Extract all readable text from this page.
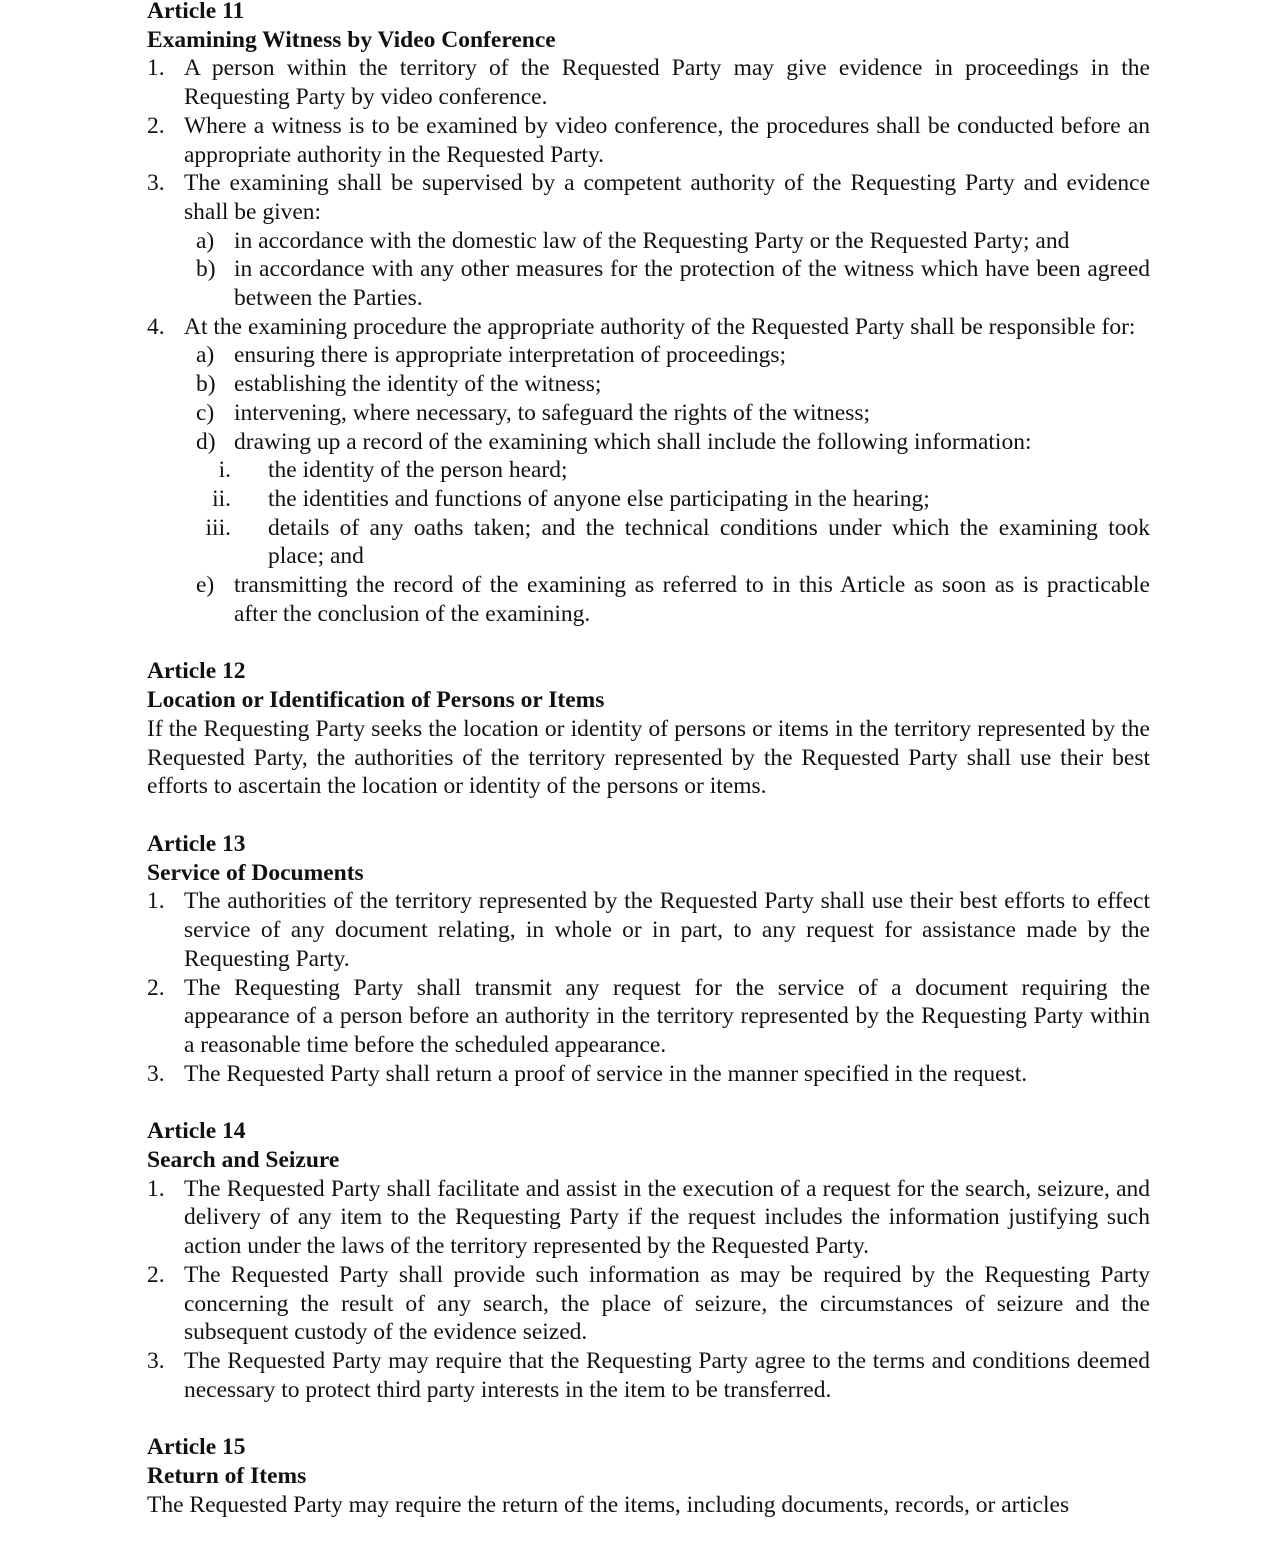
Article 11
Examining Witness by Video Conference
1. A person within the territory of the Requested Party may give evidence in proceedings in the Requesting Party by video conference.
2. Where a witness is to be examined by video conference, the procedures shall be conducted before an appropriate authority in the Requested Party.
3. The examining shall be supervised by a competent authority of the Requesting Party and evidence shall be given:
a) in accordance with the domestic law of the Requesting Party or the Requested Party; and
b) in accordance with any other measures for the protection of the witness which have been agreed between the Parties.
4. At the examining procedure the appropriate authority of the Requested Party shall be responsible for:
a) ensuring there is appropriate interpretation of proceedings;
b) establishing the identity of the witness;
c) intervening, where necessary, to safeguard the rights of the witness;
d) drawing up a record of the examining which shall include the following information:
i.	the identity of the person heard;
ii.	the identities and functions of anyone else participating in the hearing;
iii.	details of any oaths taken; and the technical conditions under which the examining took place; and
e) transmitting the record of the examining as referred to in this Article as soon as is practicable after the conclusion of the examining.
Article 12
Location or Identification of Persons or Items
If the Requesting Party seeks the location or identity of persons or items in the territory represented by the Requested Party, the authorities of the territory represented by the Requested Party shall use their best efforts to ascertain the location or identity of the persons or items.
Article 13
Service of Documents
1. The authorities of the territory represented by the Requested Party shall use their best efforts to effect service of any document relating, in whole or in part, to any request for assistance made by the Requesting Party.
2. The Requesting Party shall transmit any request for the service of a document requiring the appearance of a person before an authority in the territory represented by the Requesting Party within a reasonable time before the scheduled appearance.
3. The Requested Party shall return a proof of service in the manner specified in the request.
Article 14
Search and Seizure
1. The Requested Party shall facilitate and assist in the execution of a request for the search, seizure, and delivery of any item to the Requesting Party if the request includes the information justifying such action under the laws of the territory represented by the Requested Party.
2. The Requested Party shall provide such information as may be required by the Requesting Party concerning the result of any search, the place of seizure, the circumstances of seizure and the subsequent custody of the evidence seized.
3. The Requested Party may require that the Requesting Party agree to the terms and conditions deemed necessary to protect third party interests in the item to be transferred.
Article 15
Return of Items
The Requested Party may require the return of the items, including documents, records, or articles
